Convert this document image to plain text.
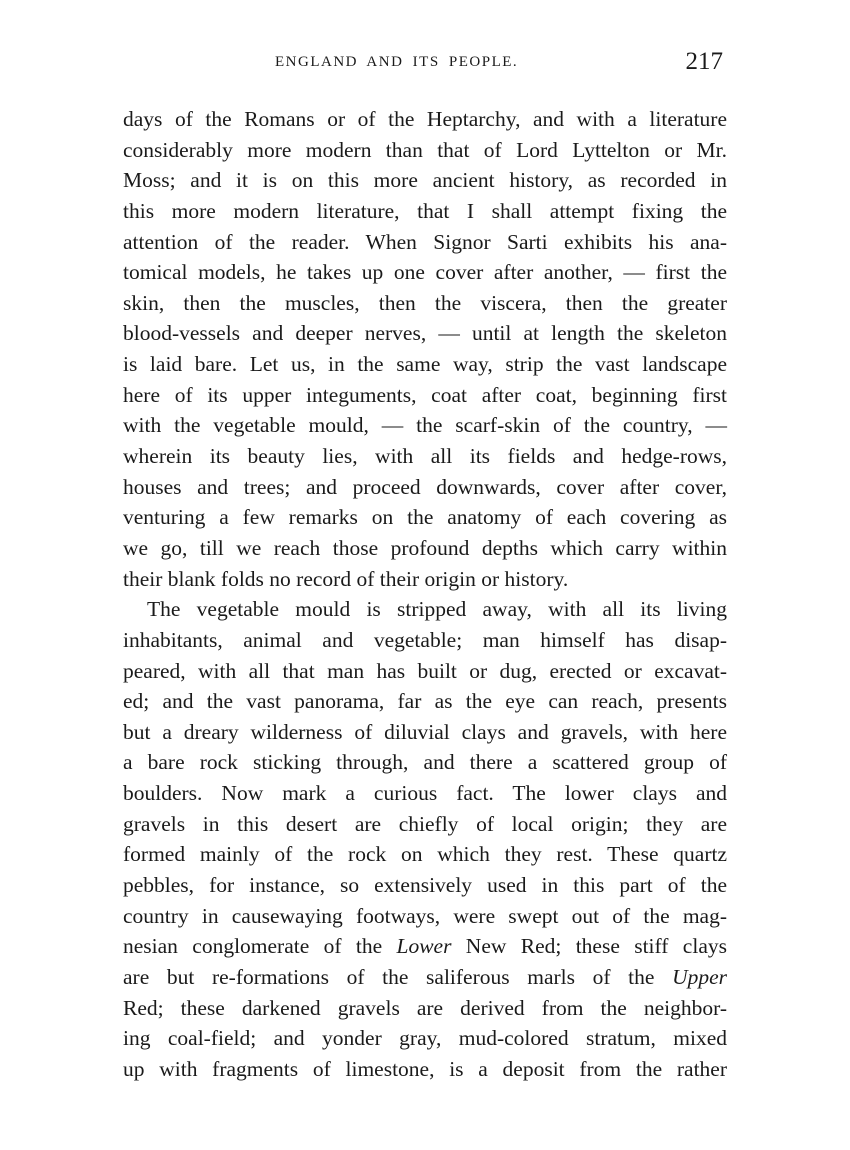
ENGLAND AND ITS PEOPLE.	217
days of the Romans or of the Heptarchy, and with a literature
considerably more modern than that of Lord Lyttelton or Mr.
Moss; and it is on this more ancient history, as recorded in
this more modern literature, that I shall attempt fixing the
attention of the reader. When Signor Sarti exhibits his ana-
tomical models, he takes up one cover after another, — first the
skin, then the muscles, then the viscera, then the greater
blood-vessels and deeper nerves, — until at length the skeleton
is laid bare. Let us, in the same way, strip the vast landscape
here of its upper integuments, coat after coat, beginning first
with the vegetable mould, — the scarf-skin of the country, —
wherein its beauty lies, with all its fields and hedge-rows,
houses and trees; and proceed downwards, cover after cover,
venturing a few remarks on the anatomy of each covering as
we go, till we reach those profound depths which carry within
their blank folds no record of their origin or history.
The vegetable mould is stripped away, with all its living
inhabitants, animal and vegetable; man himself has disap-
peared, with all that man has built or dug, erected or excavat-
ed; and the vast panorama, far as the eye can reach, presents
but a dreary wilderness of diluvial clays and gravels, with here
a bare rock sticking through, and there a scattered group of
boulders. Now mark a curious fact. The lower clays and
gravels in this desert are chiefly of local origin; they are
formed mainly of the rock on which they rest. These quartz
pebbles, for instance, so extensively used in this part of the
country in causewaying footways, were swept out of the mag-
nesian conglomerate of the Lower New Red; these stiff clays
are but re-formations of the saliferous marls of the Upper
Red; these darkened gravels are derived from the neighbor-
ing coal-field; and yonder gray, mud-colored stratum, mixed
up with fragments of limestone, is a deposit from the rather
